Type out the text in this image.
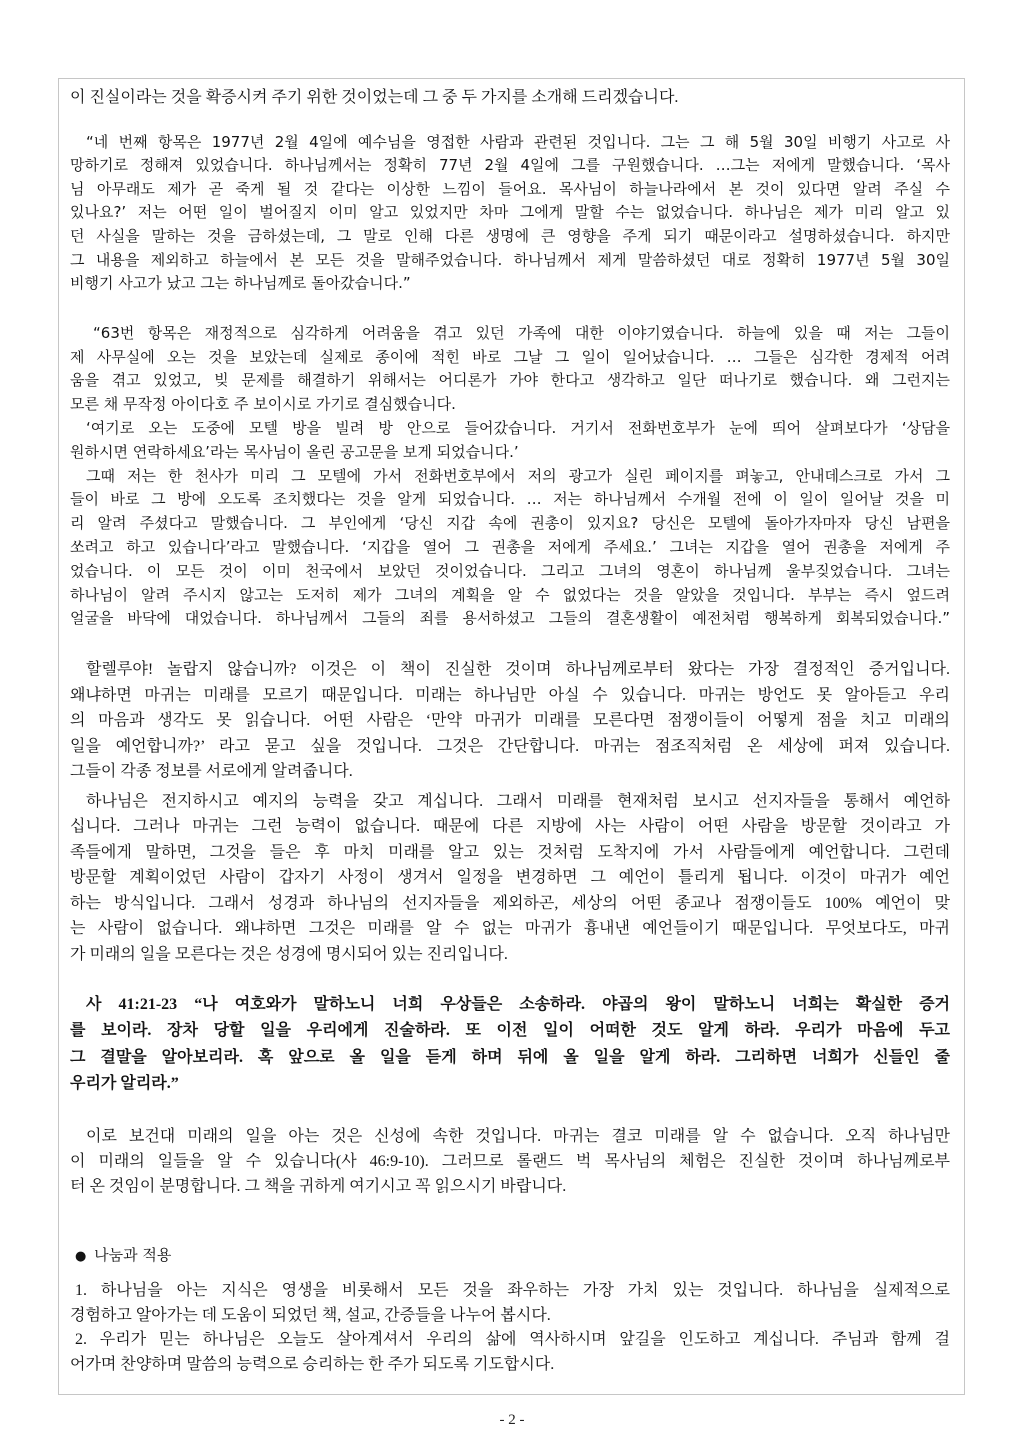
이 진실이라는 것을 확증시켜 주기 위한 것이었는데 그 중 두 가지를 소개해 드리겠습니다.
“네 번째 항목은 1977년 2월 4일에 예수님을 영접한 사람과 관련된 것입니다. 그는 그 해 5월 30일 비행기 사고로 사
망하기로 정해져 있었습니다. 하나님께서는 정확히 77년 2월 4일에 그를 구원했습니다. …그는 저에게 말했습니다. ‘목사
님 아무래도 제가 곧 죽게 될 것 같다는 이상한 느낌이 들어요. 목사님이 하늘나라에서 본 것이 있다면 알려 주실 수
있나요?’ 저는 어떤 일이 벌어질지 이미 알고 있었지만 차마 그에게 말할 수는 없었습니다. 하나님은 제가 미리 알고 있
던 사실을 말하는 것을 금하셨는데, 그 말로 인해 다른 생명에 큰 영향을 주게 되기 때문이라고 설명하셨습니다. 하지만
그 내용을 제외하고 하늘에서 본 모든 것을 말해주었습니다. 하나님께서 제게 말씀하셨던 대로 정확히 1977년 5월 30일
비행기 사고가 났고 그는 하나님께로 돌아갔습니다.”
“63번 항목은 재정적으로 심각하게 어려움을 겪고 있던 가족에 대한 이야기였습니다. 하늘에 있을 때 저는 그들이
제 사무실에 오는 것을 보았는데 실제로 종이에 적힌 바로 그날 그 일이 일어났습니다. … 그들은 심각한 경제적 어려
움을 겪고 있었고, 빚 문제를 해결하기 위해서는 어디론가 가야 한다고 생각하고 일단 떠나기로 했습니다. 왜 그런지는
모른 채 무작정 아이다호 주 보이시로 가기로 결심했습니다.
‘여기로 오는 도중에 모텔 방을 빌려 방 안으로 들어갔습니다. 거기서 전화번호부가 눈에 띄어 살펴보다가 ‘상담을
원하시면 연락하세요’라는 목사님이 올린 공고문을 보게 되었습니다.’
그때 저는 한 천사가 미리 그 모텔에 가서 전화번호부에서 저의 광고가 실린 페이지를 펴놓고, 안내데스크로 가서 그
들이 바로 그 방에 오도록 조치했다는 것을 알게 되었습니다. … 저는 하나님께서 수개월 전에 이 일이 일어날 것을 미
리 알려 주셨다고 말했습니다. 그 부인에게 ‘당신 지갑 속에 권총이 있지요? 당신은 모텔에 돌아가자마자 당신 남편을
쏘려고 하고 있습니다’라고 말했습니다. ‘지갑을 열어 그 권총을 저에게 주세요.’ 그녀는 지갑을 열어 권총을 저에게 주
었습니다. 이 모든 것이 이미 천국에서 보았던 것이었습니다. 그리고 그녀의 영혼이 하나님께 울부짖었습니다. 그녀는
하나님이 알려 주시지 않고는 도저히 제가 그녀의 계획을 알 수 없었다는 것을 알았을 것입니다. 부부는 즉시 엎드려
얼굴을 바닥에 대었습니다. 하나님께서 그들의 죄를 용서하셨고 그들의 결혼생활이 예전처럼 행복하게 회복되었습니다.”
할렐루야! 놀랍지 않습니까? 이것은 이 책이 진실한 것이며 하나님께로부터 왔다는 가장 결정적인 증거입니다.
왜냐하면 마귀는 미래를 모르기 때문입니다. 미래는 하나님만 아실 수 있습니다. 마귀는 방언도 못 알아듣고 우리
의 마음과 생각도 못 읽습니다. 어떤 사람은 ‘만약 마귀가 미래를 모른다면 점쟁이들이 어떻게 점을 치고 미래의
일을 예언합니까?’ 라고 묻고 싶을 것입니다. 그것은 간단합니다. 마귀는 점조직처럼 온 세상에 퍼져 있습니다.
그들이 각종 정보를 서로에게 알려줍니다.
하나님은 전지하시고 예지의 능력을 갖고 계십니다. 그래서 미래를 현재처럼 보시고 선지자들을 통해서 예언하
십니다. 그러나 마귀는 그런 능력이 없습니다. 때문에 다른 지방에 사는 사람이 어떤 사람을 방문할 것이라고 가
족들에게 말하면, 그것을 들은 후 마치 미래를 알고 있는 것처럼 도착지에 가서 사람들에게 예언합니다. 그런데
방문할 계획이었던 사람이 갑자기 사정이 생겨서 일정을 변경하면 그 예언이 틀리게 됩니다. 이것이 마귀가 예언
하는 방식입니다. 그래서 성경과 하나님의 선지자들을 제외하곤, 세상의 어떤 종교나 점쟁이들도 100% 예언이 맞
는 사람이 없습니다. 왜냐하면 그것은 미래를 알 수 없는 마귀가 흉내낸 예언들이기 때문입니다. 무엇보다도, 마귀
가 미래의 일을 모른다는 것은 성경에 명시되어 있는 진리입니다.
사 41:21-23 “나 여호와가 말하노니 너희 우상들은 소송하라. 야곱의 왕이 말하노니 너희는 확실한 증거
를 보이라. 장차 당할 일을 우리에게 진술하라. 또 이전 일이 어떠한 것도 알게 하라. 우리가 마음에 두고
그 결말을 알아보리라. 혹 앞으로 올 일을 듣게 하며 뒤에 올 일을 알게 하라. 그리하면 너희가 신들인 줄
우리가 알리라.”
이로 보건대 미래의 일을 아는 것은 신성에 속한 것입니다. 마귀는 결코 미래를 알 수 없습니다. 오직 하나님만
이 미래의 일들을 알 수 있습니다(사 46:9-10). 그러므로 롤랜드 벅 목사님의 체험은 진실한 것이며 하나님께로부
터 온 것임이 분명합니다. 그 책을 귀하게 여기시고 꼭 읽으시기 바랍니다.
● 나눔과 적용
1. 하나님을 아는 지식은 영생을 비롯해서 모든 것을 좌우하는 가장 가치 있는 것입니다. 하나님을 실제적으로
경험하고 알아가는 데 도움이 되었던 책, 설교, 간증들을 나누어 봅시다.
2. 우리가 믿는 하나님은 오늘도 살아계셔서 우리의 삶에 역사하시며 앞길을 인도하고 계십니다. 주님과 함께 걸
어가며 찬양하며 말씀의 능력으로 승리하는 한 주가 되도록 기도합시다.
- 2 -
